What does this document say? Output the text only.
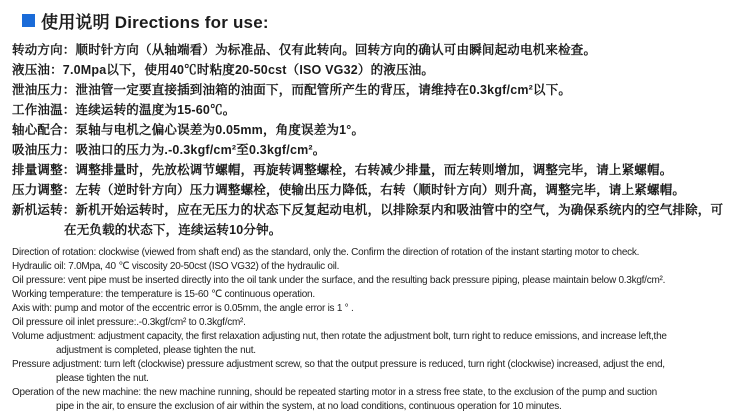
使用说明 Directions for use:
转动方向：顺时针方向（从轴端看）为标准品、仅有此转向。回转方向的确认可由瞬间起动电机来检查。
液压油：7.0Mpa以下，使用40℃时粘度20-50cst（ISO VG32）的液压油。
泄油压力：泄油管一定要直接插到油箱的油面下，而配管所产生的背压，请维持在0.3kgf/cm²以下。
工作油温：连续运转的温度为15-60℃。
轴心配合：泵轴与电机之偏心误差为0.05mm，角度误差为1°。
吸油压力：吸油口的压力为.-0.3kgf/cm²至0.3kgf/cm²。
排量调整：调整排量时，先放松调节螺帽，再旋转调整螺栓，右转减少排量，而左转则增加，调整完毕，请上紧螺帽。
压力调整：左转（逆时针方向）压力调整螺栓，使输出压力降低，右转（顺时针方向）则升高，调整完毕，请上紧螺帽。
新机运转：新机开始运转时，应在无压力的状态下反复起动电机，以排除泵内和吸油管中的空气，为确保系统内的空气排除，可
在无负载的状态下，连续运转10分钟。
Direction of rotation: clockwise (viewed from shaft end) as the standard, only the. Confirm the direction of rotation of the instant starting motor to check.
Hydraulic oil: 7.0Mpa, 40 ℃ viscosity 20-50cst (ISO VG32) of the hydraulic oil.
Oil pressure: vent pipe must be inserted directly into the oil tank under the surface, and the resulting back pressure piping, please maintain below 0.3kgf/cm².
Working temperature: the temperature is 15-60 ℃ continuous operation.
Axis with: pump and motor of the eccentric error is 0.05mm, the angle error is 1 ° .
Oil pressure oil inlet pressure:.-0.3kgf/cm² to 0.3kgf/cm².
Volume adjustment: adjustment capacity, the first relaxation adjusting nut, then rotate the adjustment bolt, turn right to reduce emissions, and increase left,the
adjustment is completed, please tighten the nut.
Pressure adjustment: turn left (clockwise) pressure adjustment screw, so that the output pressure is reduced, turn right (clockwise) increased, adjust the end,
please tighten the nut.
Operation of the new machine: the new machine running, should be repeated starting motor in a stress free state, to the exclusion of the pump and suction
pipe in the air, to ensure the exclusion of air within the system, at no load conditions, continuous operation for 10 minutes.
